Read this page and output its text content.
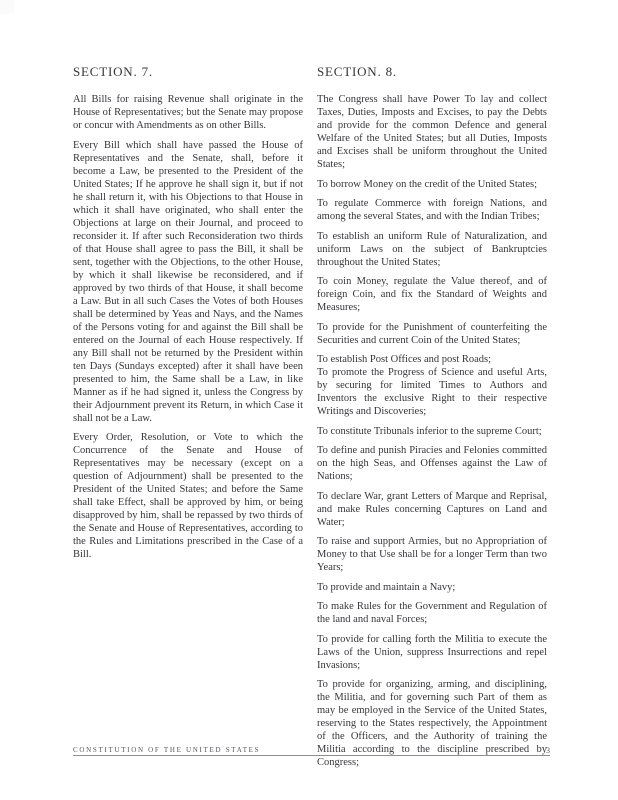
SECTION. 7.

All Bills for raising Revenue shall originate in the House of Representatives; but the Senate may propose or concur with Amendments as on other Bills.

Every Bill which shall have passed the House of Representatives and the Senate, shall, before it become a Law, be presented to the President of the United States; If he approve he shall sign it, but if not he shall return it, with his Objections to that House in which it shall have originated, who shall enter the Objections at large on their Journal, and proceed to reconsider it. If after such Reconsideration two thirds of that House shall agree to pass the Bill, it shall be sent, together with the Objections, to the other House, by which it shall likewise be reconsidered, and if approved by two thirds of that House, it shall become a Law. But in all such Cases the Votes of both Houses shall be determined by Yeas and Nays, and the Names of the Persons voting for and against the Bill shall be entered on the Journal of each House respectively. If any Bill shall not be returned by the President within ten Days (Sundays excepted) after it shall have been presented to him, the Same shall be a Law, in like Manner as if he had signed it, unless the Congress by their Adjournment prevent its Return, in which Case it shall not be a Law.

Every Order, Resolution, or Vote to which the Concurrence of the Senate and House of Representatives may be necessary (except on a question of Adjournment) shall be presented to the President of the United States; and before the Same shall take Effect, shall be approved by him, or being disapproved by him, shall be repassed by two thirds of the Senate and House of Representatives, according to the Rules and Limitations prescribed in the Case of a Bill.

SECTION. 8.

The Congress shall have Power To lay and collect Taxes, Duties, Imposts and Excises, to pay the Debts and provide for the common Defence and general Welfare of the United States; but all Duties, Imposts and Excises shall be uniform throughout the United States;

To borrow Money on the credit of the United States;

To regulate Commerce with foreign Nations, and among the several States, and with the Indian Tribes;

To establish an uniform Rule of Naturalization, and uniform Laws on the subject of Bankruptcies throughout the United States;

To coin Money, regulate the Value thereof, and of foreign Coin, and fix the Standard of Weights and Measures;

To provide for the Punishment of counterfeiting the Securities and current Coin of the United States;

To establish Post Offices and post Roads;

To promote the Progress of Science and useful Arts, by securing for limited Times to Authors and Inventors the exclusive Right to their respective Writings and Discoveries;

To constitute Tribunals inferior to the supreme Court;

To define and punish Piracies and Felonies committed on the high Seas, and Offenses against the Law of Nations;

To declare War, grant Letters of Marque and Reprisal, and make Rules concerning Captures on Land and Water;

To raise and support Armies, but no Appropriation of Money to that Use shall be for a longer Term than two Years;

To provide and maintain a Navy;

To make Rules for the Government and Regulation of the land and naval Forces;

To provide for calling forth the Militia to execute the Laws of the Union, suppress Insurrections and repel Invasions;

To provide for organizing, arming, and disciplining, the Militia, and for governing such Part of them as may be employed in the Service of the United States, reserving to the States respectively, the Appointment of the Officers, and the Authority of training the Militia according to the discipline prescribed by Congress;

CONSTITUTION OF THE UNITED STATES	3
